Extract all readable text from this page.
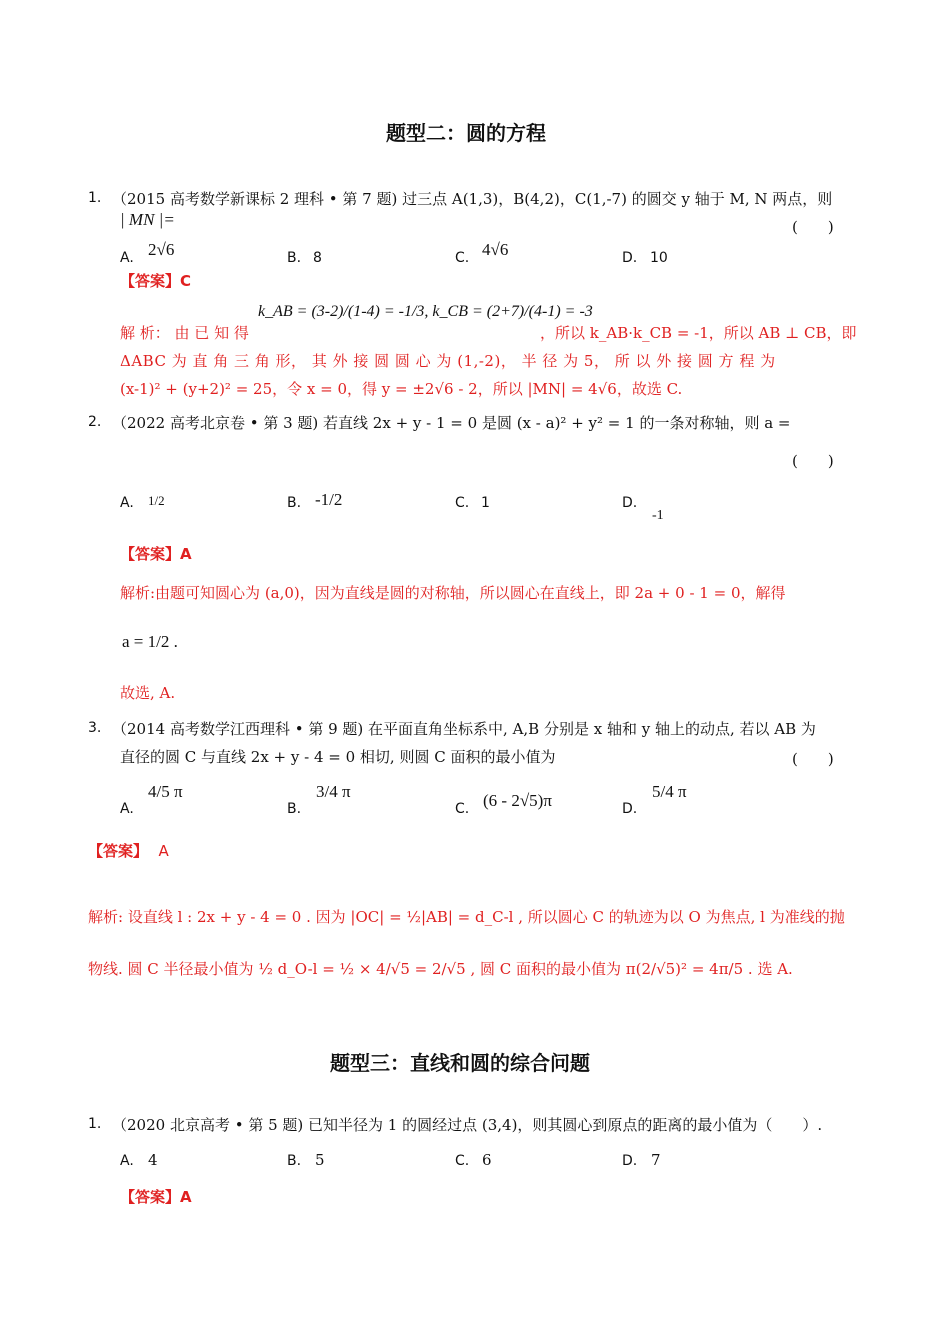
题型二：圆的方程
1. （2015 高考数学新课标 2 理科 • 第 7 题) 过三点 A(1,3)，B(4,2)，C(1,-7) 的圆交 y 轴于 M, N 两点，则
| MN |=	(　　)
A. 2√6	B. 8	C. 4√6	D. 10
【答案】C
解 析： 由 已 知 得
k_AB = (3-2)/(1-4) = -1/3, k_CB = (2+7)/(4-1) = -3
，所以 k_AB·k_CB = -1，所以 AB ⊥ CB，即
ΔABC 为 直 角 三 角 形， 其 外 接 圆 圆 心 为 (1,-2)， 半 径 为 5， 所 以 外 接 圆 方 程 为
(x-1)² + (y+2)² = 25，令 x = 0，得 y = ±2√6 - 2，所以 |MN| = 4√6，故选 C.
2. （2022 高考北京卷 • 第 3 题) 若直线 2x + y - 1 = 0 是圆 (x - a)² + y² = 1 的一条对称轴，则 a =
(　　)
A. 1/2	B. -1/2	C. 1	D.
-1
【答案】A
解析:由题可知圆心为 (a,0)，因为直线是圆的对称轴，所以圆心在直线上，即 2a + 0 - 1 = 0，解得
a = 1/2 .
故选, A.
3. （2014 高考数学江西理科 • 第 9 题) 在平面直角坐标系中, A,B 分别是 x 轴和 y 轴上的动点, 若以 AB 为
直径的圆 C 与直线 2x + y - 4 = 0 相切, 则圆 C 面积的最小值为	(　　)
A.
4/5 π
B.
3/4 π
C. (6 - 2√5)π	D.
5/4 π
【答案】 A
解析: 设直线 l : 2x + y - 4 = 0 . 因为 |OC| = ½|AB| = d_C-l , 所以圆心 C 的轨迹为以 O 为焦点, l 为准线的抛
物线. 圆 C 半径最小值为 ½ d_O-l = ½ × 4/√5 = 2/√5 , 圆 C 面积的最小值为 π(2/√5)² = 4π/5 . 选 A.
题型三：直线和圆的综合问题
1. （2020 北京高考 • 第 5 题) 已知半径为 1 的圆经过点 (3,4)，则其圆心到原点的距离的最小值为（　　）.
A. 4	B. 5	C. 6	D. 7
【答案】A
